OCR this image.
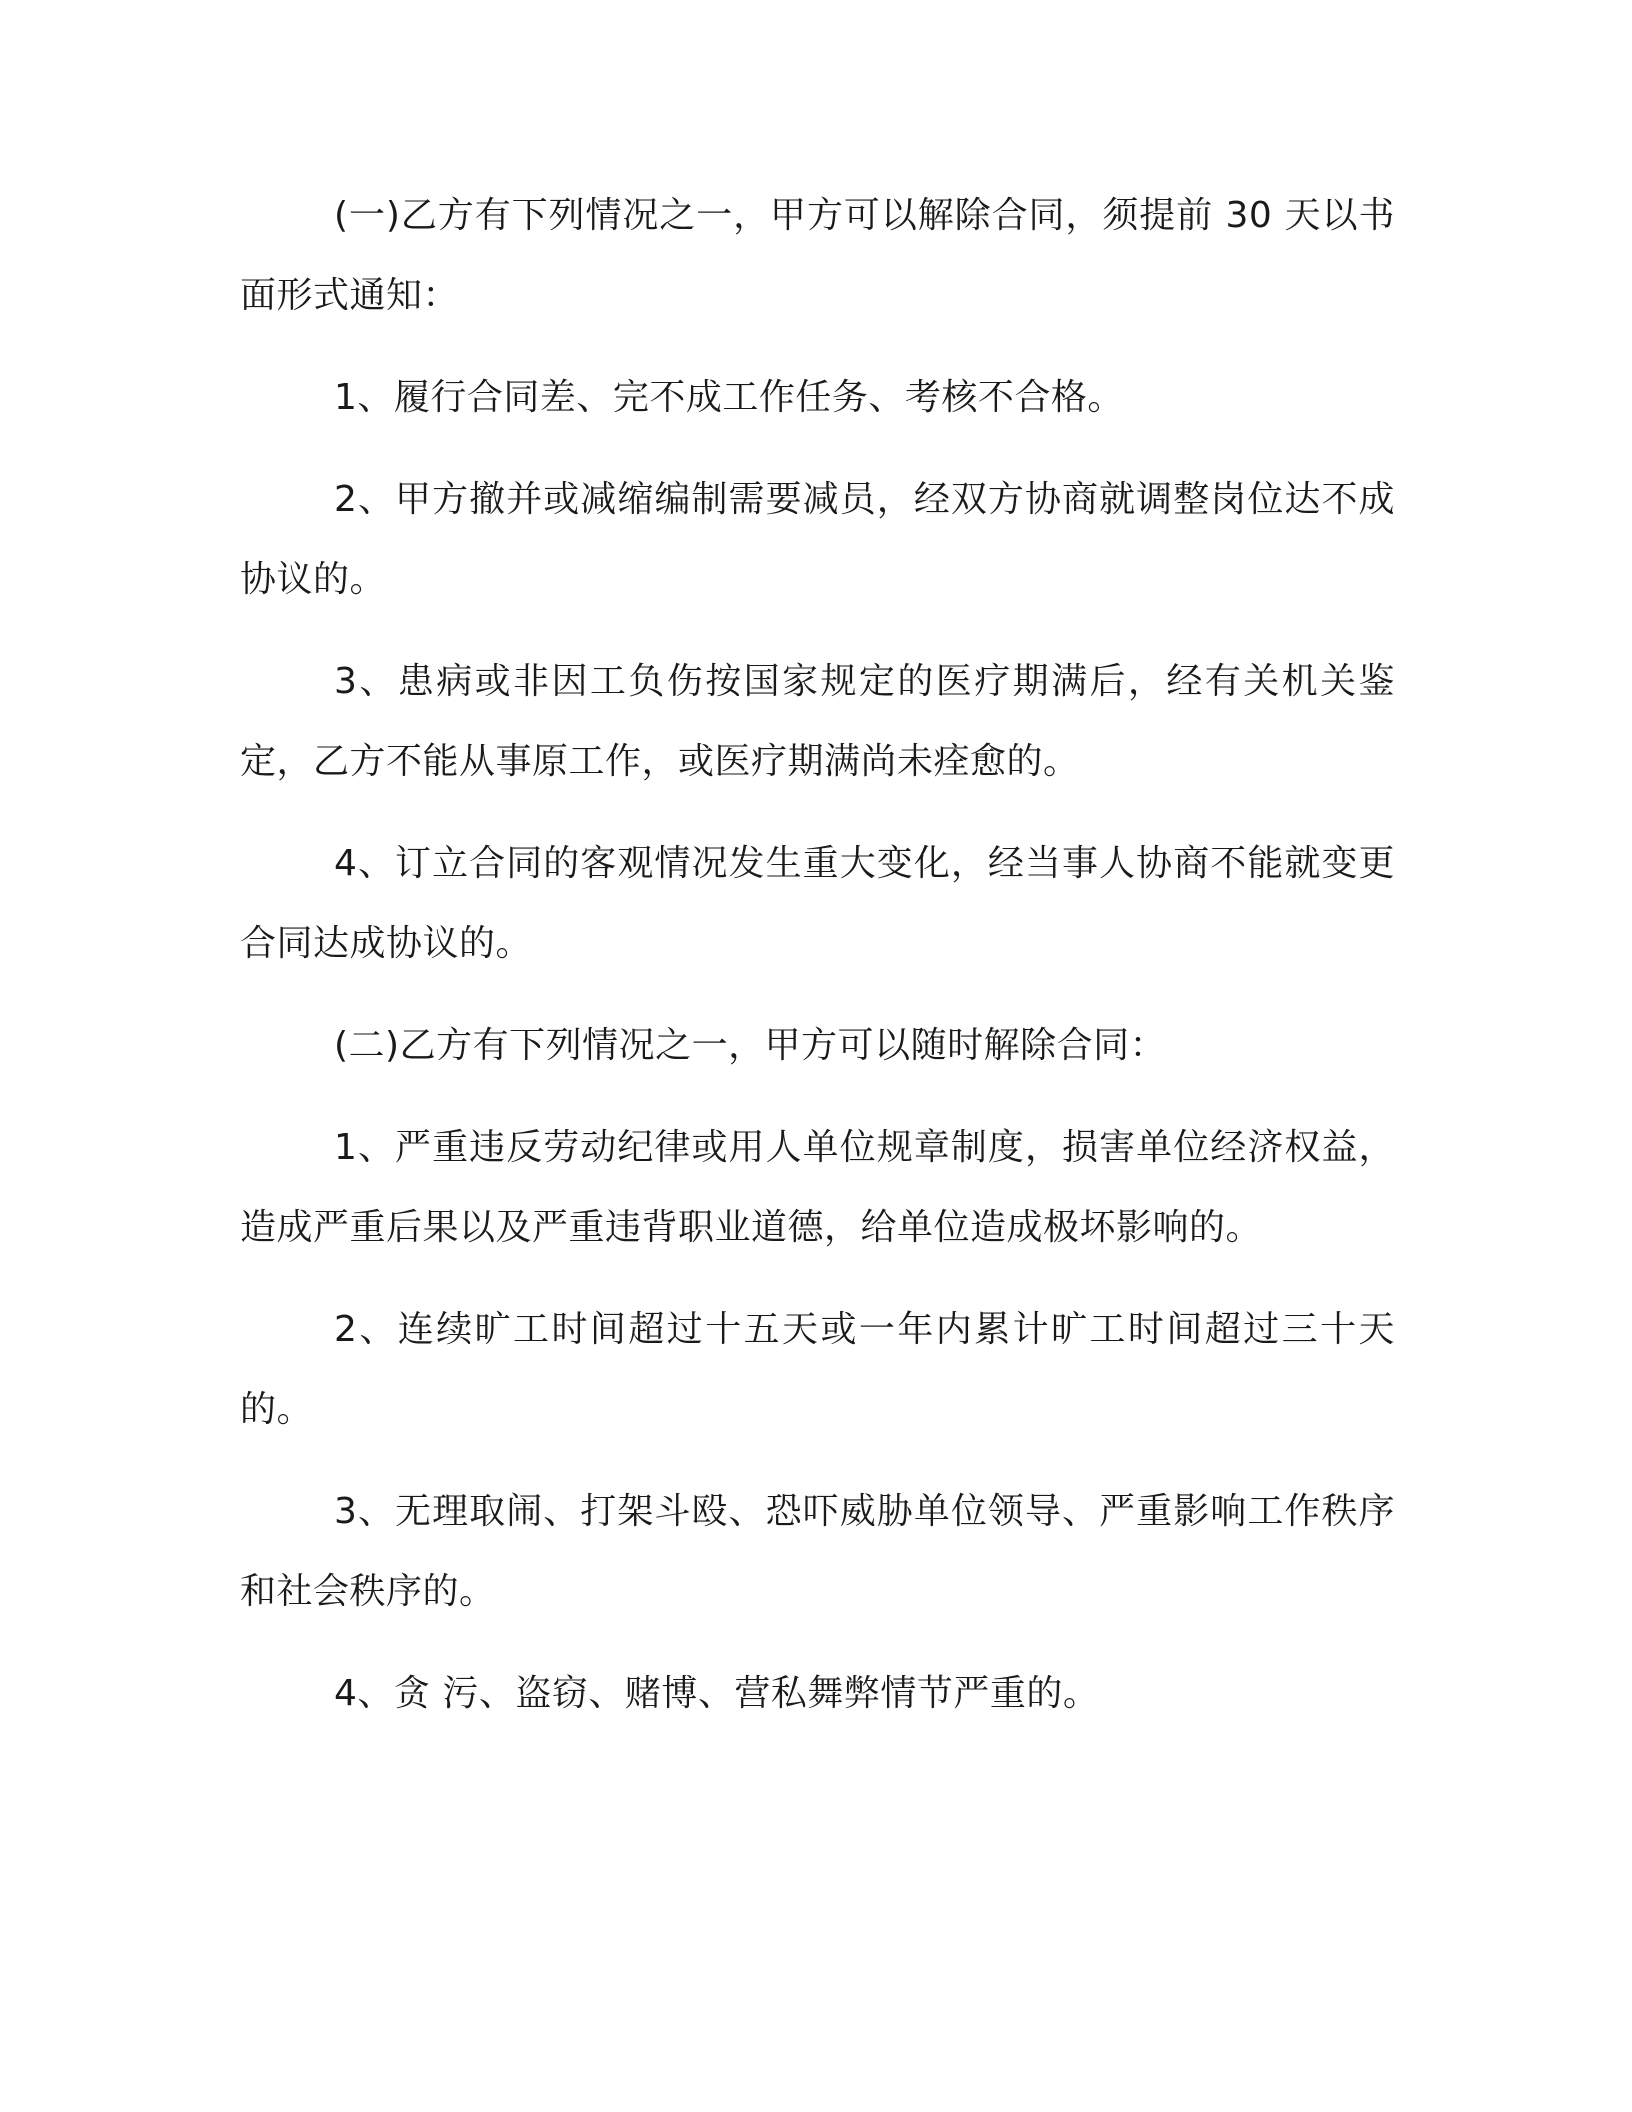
(一)乙方有下列情况之一，甲方可以解除合同，须提前 30 天以书面形式通知：

1、履行合同差、完不成工作任务、考核不合格。

2、甲方撤并或减缩编制需要减员，经双方协商就调整岗位达不成协议的。

3、患病或非因工负伤按国家规定的医疗期满后，经有关机关鉴定，乙方不能从事原工作，或医疗期满尚未痊愈的。

4、订立合同的客观情况发生重大变化，经当事人协商不能就变更合同达成协议的。

(二)乙方有下列情况之一，甲方可以随时解除合同：

1、严重违反劳动纪律或用人单位规章制度，损害单位经济权益，造成严重后果以及严重违背职业道德，给单位造成极坏影响的。

2、连续旷工时间超过十五天或一年内累计旷工时间超过三十天的。

3、无理取闹、打架斗殴、恐吓威胁单位领导、严重影响工作秩序和社会秩序的。

4、贪 污、盗窃、赌博、营私舞弊情节严重的。
